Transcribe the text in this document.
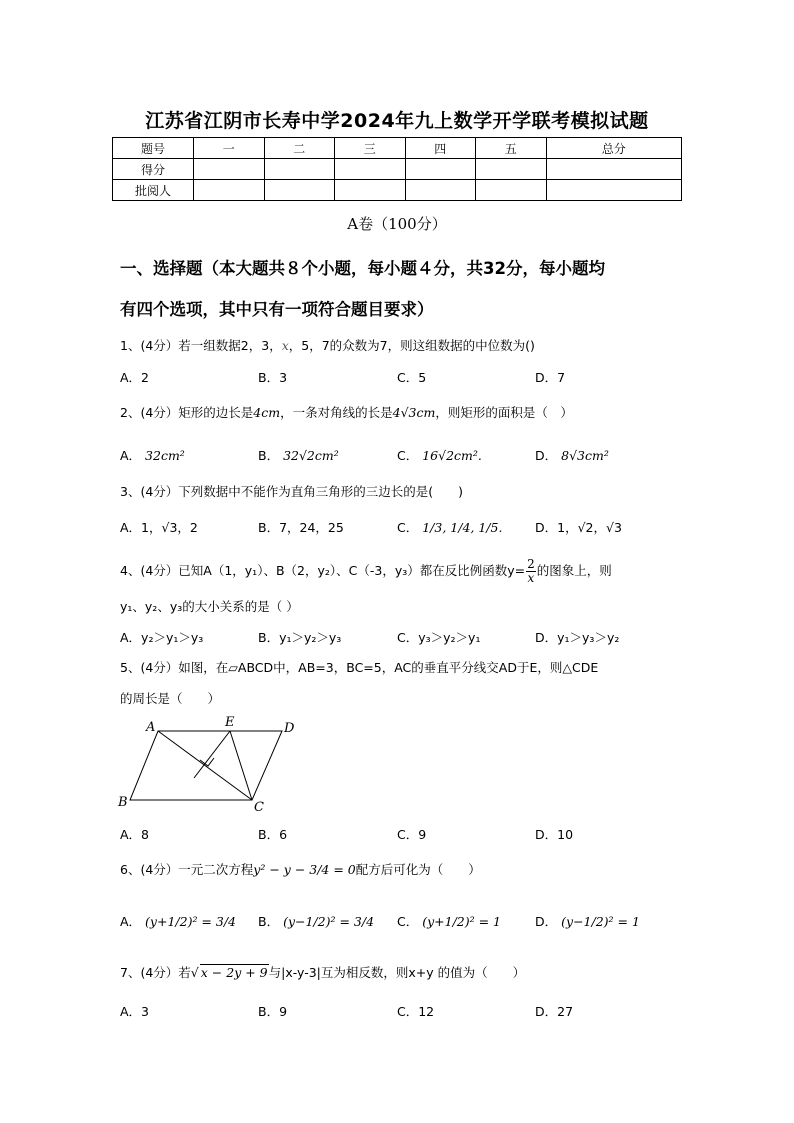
江苏省江阴市长寿中学2024年九上数学开学联考模拟试题
题号	一	二	三	四	五	总分
得分						
批阅人						
A卷（100分）
一、选择题（本大题共８个小题，每小题４分，共32分，每小题均
有四个选项，其中只有一项符合题目要求）
1、(4分）若一组数据2，3，x，5，7的众数为7，则这组数据的中位数为()
A．2	B．3	C．5	D．7
2、(4分）矩形的边长是4cm，一条对角线的长是4√3cm，则矩形的面积是（　）
A． 32cm²	B． 32√2cm²	C． 16√2cm².	D． 8√3cm²
3、(4分）下列数据中不能作为直角三角形的三边长的是(　　)
A．1，√3，2	B．7，24，25	C． 1/3, 1/4, 1/5.	D．1，√2，√3
4、(4分）已知A（1，y₁）、B（2，y₂）、C（-3，y₃）都在反比例函数$y= \frac{2}{x}$ 的图象上，则
y₁、y₂、y₃的大小关系的是（ ）
A．y₂＞y₁＞y₃	B．y₁＞y₂＞y₃	C．y₃＞y₂＞y₁	D．y₁＞y₃＞y₂
5、(4分）如图，在▱ABCD中，AB=3，BC=5，AC的垂直平分线交AD于E，则△CDE
的周长是（　　）
A	E	D
B	C
A．8	B．6	C．9	D．10
6、(4分）一元二次方程y² − y − 3/4 = 0配方后可化为（　　）
A． (y+1/2)² = 3/4 B． (y−1/2)² = 3/4 C． (y+1/2)² = 1	D． (y−1/2)² = 1
7、(4分）若√ x − 2y + 9与|x-y-3|互为相反数，则x+y 的值为（　　）
A．3	B．9	C．12	D．27
